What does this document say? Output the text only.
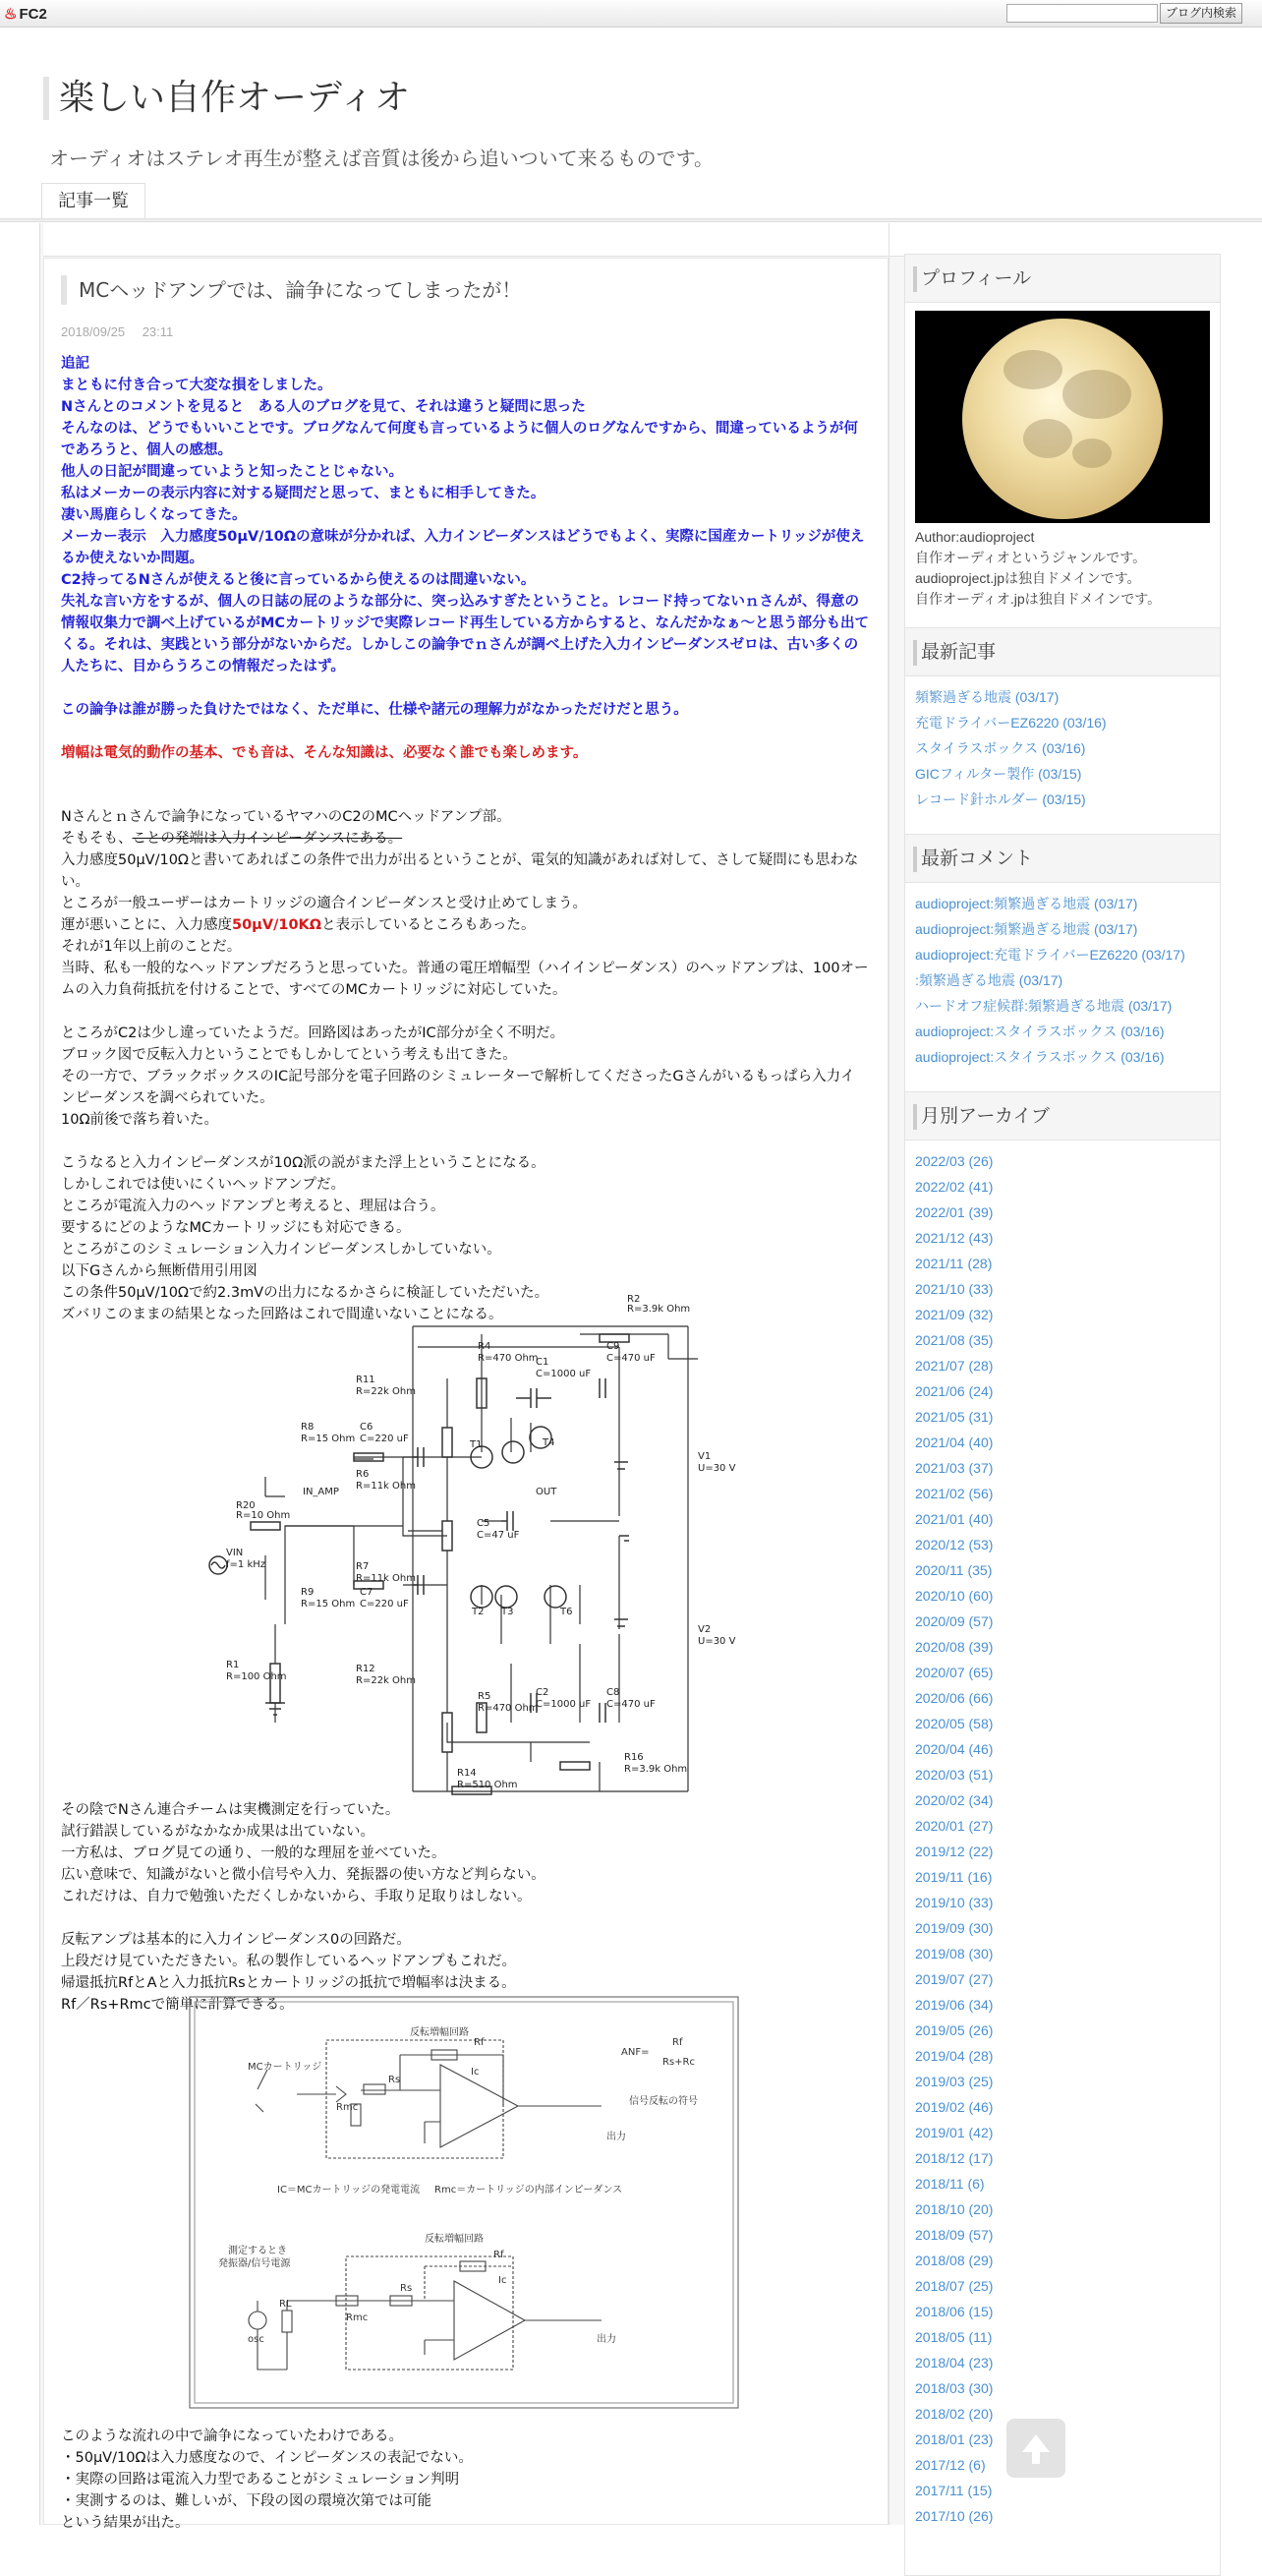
♨ FC2	ブログ内検索
楽しい自作オーディオ
オーディオはステレオ再生が整えば音質は後から追いついて来るものです。
記事一覧
MCヘッドアンプでは、論争になってしまったが！
2018/09/25 23:11

追記

まともに付き合って大変な損をしました。

Nさんとのコメントを見ると　ある人のブログを見て、それは違うと疑問に思った

そんなのは、どうでもいいことです。ブログなんて何度も言っているように個人のログなんですから、間違っているようが何であろうと、個人の感想。

他人の日記が間違っていようと知ったことじゃない。

私はメーカーの表示内容に対する疑問だと思って、まともに相手してきた。

凄い馬鹿らしくなってきた。

メーカー表示　入力感度50μV/10Ωの意味が分かれば、入力インピーダンスはどうでもよく、実際に国産カートリッジが使えるか使えないか問題。

C2持ってるNさんが使えると後に言っているから使えるのは間違いない。

失礼な言い方をするが、個人の日誌の屁のような部分に、突っ込みすぎたということ。レコード持ってないｎさんが、得意の情報収集力で調べ上げているがMCカートリッジで実際レコード再生している方からすると、なんだかなぁ～と思う部分も出てくる。それは、実践という部分がないからだ。しかしこの論争でｎさんが調べ上げた入力インピーダンスゼロは、古い多くの人たちに、目からうろこの情報だったはず。

この論争は誰が勝った負けたではなく、ただ単に、仕様や諸元の理解力がなかっただけだと思う。

増幅は電気的動作の基本、でも音は、そんな知識は、必要なく誰でも楽しめます。

Nさんとｎさんで論争になっているヤマハのC2のMCヘッドアンプ部。

そもそも、ことの発端は入力インピーダンスにある。

入力感度50μV/10Ωと書いてあればこの条件で出力が出るということが、電気的知識があれば対して、さして疑問にも思わない。

ところが一般ユーザーはカートリッジの適合インピーダンスと受け止めてしまう。

運が悪いことに、入力感度50μV/10KΩと表示しているところもあった。

それが1年以上前のことだ。

当時、私も一般的なヘッドアンプだろうと思っていた。普通の電圧増幅型（ハイインピーダンス）のヘッドアンプは、100オームの入力負荷抵抗を付けることで、すべてのMCカートリッジに対応していた。

ところがC2は少し違っていたようだ。回路図はあったがIC部分が全く不明だ。

ブロック図で反転入力ということでもしかしてという考えも出てきた。

その一方で、ブラックボックスのIC記号部分を電子回路のシミュレーターで解析してくださったGさんがいるもっぱら入力インピーダンスを調べられていた。

10Ω前後で落ち着いた。

こうなると入力インピーダンスが10Ω派の説がまた浮上ということになる。

しかしこれでは使いにくいヘッドアンプだ。

ところが電流入力のヘッドアンプと考えると、理屈は合う。

要するにどのようなMCカートリッジにも対応できる。

ところがこのシミュレーション入力インピーダンスしかしていない。

以下Gさんから無断借用引用図

この条件50μV/10Ωで約2.3mVの出力になるかさらに検証していただいた。

ズバリこのままの結果となった回路はこれで間違いないことになる。

R2
R=3.9k Ohm
R4
R=470 Ohm
C1
C=1000 uF
C9
C=470 uF
R11
R=22k Ohm
R8
R=15 Ohm
C6
C=220 uF
T1	T4
R6
R=11k Ohm
IN_AMP	OUT
R20
R=10 Ohm
C5
C=47 uF
V1
U=30 V
VIN
f=1 kHz	R7
R=11k Ohm
R9
R=15 Ohm
C7
C=220 uF
T2 T3	T6
V2
U=30 V
R1
R=100 Ohm
R12
R=22k Ohm
R5
R=470 Ohm
C2
C=1000 uF
C8
C=470 uF
R16
R=3.9k Ohm
R14
R=510 Ohm

その陰でNさん連合チームは実機測定を行っていた。

試行錯誤しているがなかなか成果は出ていない。

一方私は、ブログ見ての通り、一般的な理屈を並べていた。

広い意味で、知識がないと微小信号や入力、発振器の使い方など判らない。

これだけは、自力で勉強いただくしかないから、手取り足取りはしない。

反転アンプは基本的に入力インピーダンス0の回路だ。

上段だけ見ていただきたい。私の製作しているヘッドアンプもこれだ。

帰還抵抗RfとAと入力抵抗Rsとカートリッジの抵抗で増幅率は決まる。

Rf／Rs+Rmcで簡単に計算できる。

反転増幅回路
MCカートリッジ
Rs
Rmc
Rf
Ic
出力
ANF=
Rf
Rs+Rc
信号反転の符号
IC＝MCカートリッジの発電電流 Rmc＝カートリッジの内部インピーダンス
反転増幅回路
測定するとき
発振器/信号電源
RL
Rs
Rmc
Rf
Ic
出力
osc

このような流れの中で論争になっていたわけである。

・50μV/10Ωは入力感度なので、インピーダンスの表記でない。

・実際の回路は電流入力型であることがシミュレーション判明

・実測するのは、難しいが、下段の図の環境次第では可能

という結果が出た。

プロフィール
Author:audioproject
自作オーディオというジャンルです。
audioproject.jpは独自ドメインです。
自作オーディオ.jpは独自ドメインです。
最新記事
頻繁過ぎる地震 (03/17)
充電ドライバーEZ6220 (03/16)
スタイラスボックス (03/16)
GICフィルター製作 (03/15)
レコード針ホルダー (03/15)
最新コメント
audioproject:頻繁過ぎる地震 (03/17)
audioproject:頻繁過ぎる地震 (03/17)
audioproject:充電ドライバーEZ6220 (03/17)
:頻繁過ぎる地震 (03/17)
ハードオフ症候群:頻繁過ぎる地震 (03/17)
audioproject:スタイラスボックス (03/16)
audioproject:スタイラスボックス (03/16)
月別アーカイブ
2022/03 (26)
2022/02 (41)
2022/01 (39)
2021/12 (43)
2021/11 (28)
2021/10 (33)
2021/09 (32)
2021/08 (35)
2021/07 (28)
2021/06 (24)
2021/05 (31)
2021/04 (40)
2021/03 (37)
2021/02 (56)
2021/01 (40)
2020/12 (53)
2020/11 (35)
2020/10 (60)
2020/09 (57)
2020/08 (39)
2020/07 (65)
2020/06 (66)
2020/05 (58)
2020/04 (46)
2020/03 (51)
2020/02 (34)
2020/01 (27)
2019/12 (22)
2019/11 (16)
2019/10 (33)
2019/09 (30)
2019/08 (30)
2019/07 (27)
2019/06 (34)
2019/05 (26)
2019/04 (28)
2019/03 (25)
2019/02 (46)
2019/01 (42)
2018/12 (17)
2018/11 (6)
2018/10 (20)
2018/09 (57)
2018/08 (29)
2018/07 (25)
2018/06 (15)
2018/05 (11)
2018/04 (23)
2018/03 (30)
2018/02 (20)
2018/01 (23)
2017/12 (6)
2017/11 (15)
2017/10 (26)
